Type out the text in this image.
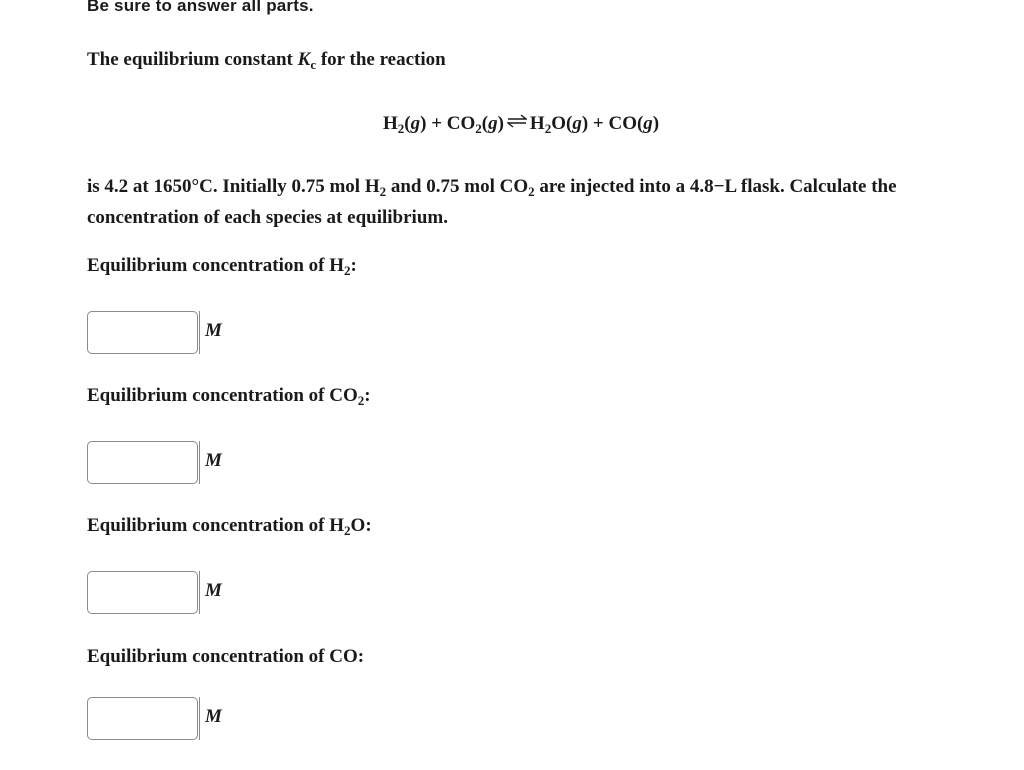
Be sure to answer all parts.
The equilibrium constant $K_c$ for the reaction
$H_2(g) + CO_2(g)$ ⇌ $H_2O(g) + CO(g)$
is 4.2 at 1650°C. Initially 0.75 mol $H_2$ and 0.75 mol $CO_2$ are injected into a 4.8−L flask. Calculate the concentration of each species at equilibrium.
Equilibrium concentration of $H_2$:
M
Equilibrium concentration of $CO_2$:
M
Equilibrium concentration of $H_2O$:
M
Equilibrium concentration of CO:
M
